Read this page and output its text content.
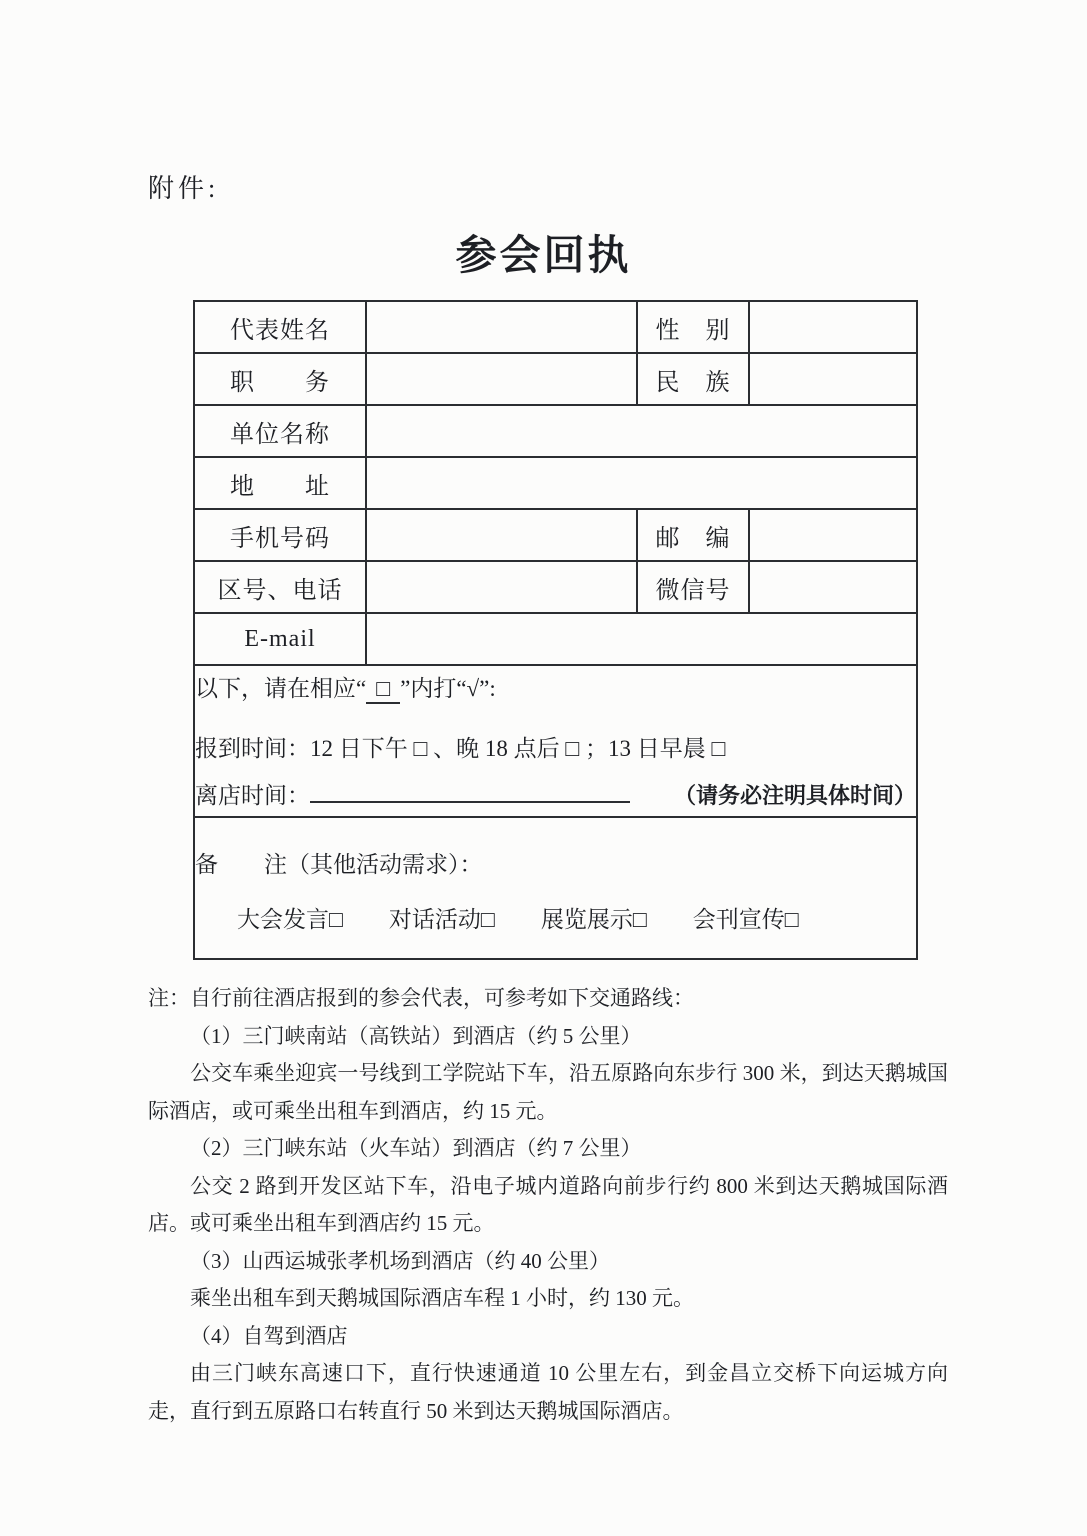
附件:
参会回执
代表姓名		性　别	
职　　务		民　族	
单位名称			
地　　址			
手机号码		邮　编	
区号、电话		微信号	
E-mail			

以下，请在相应“ □ ”内打“√”:

报到时间：12 日下午 □ 、晚 18 点后 □ ；13 日早晨 □

离店时间： （请务必注明具体时间）			

备　　注（其他活动需求）：

大会发言□ 对话活动□ 展览展示□ 会刊宣传□			

注：自行前往酒店报到的参会代表，可参考如下交通路线：

（1）三门峡南站（高铁站）到酒店（约 5 公里）

公交车乘坐迎宾一号线到工学院站下车，沿五原路向东步行 300 米，到达天鹅城国际酒店，或可乘坐出租车到酒店，约 15 元。

（2）三门峡东站（火车站）到酒店（约 7 公里）

公交 2 路到开发区站下车，沿电子城内道路向前步行约 800 米到达天鹅城国际酒店。或可乘坐出租车到酒店约 15 元。

（3）山西运城张孝机场到酒店（约 40 公里）

乘坐出租车到天鹅城国际酒店车程 1 小时，约 130 元。

（4）自驾到酒店

由三门峡东高速口下，直行快速通道 10 公里左右，到金昌立交桥下向运城方向走，直行到五原路口右转直行 50 米到达天鹅城国际酒店。
